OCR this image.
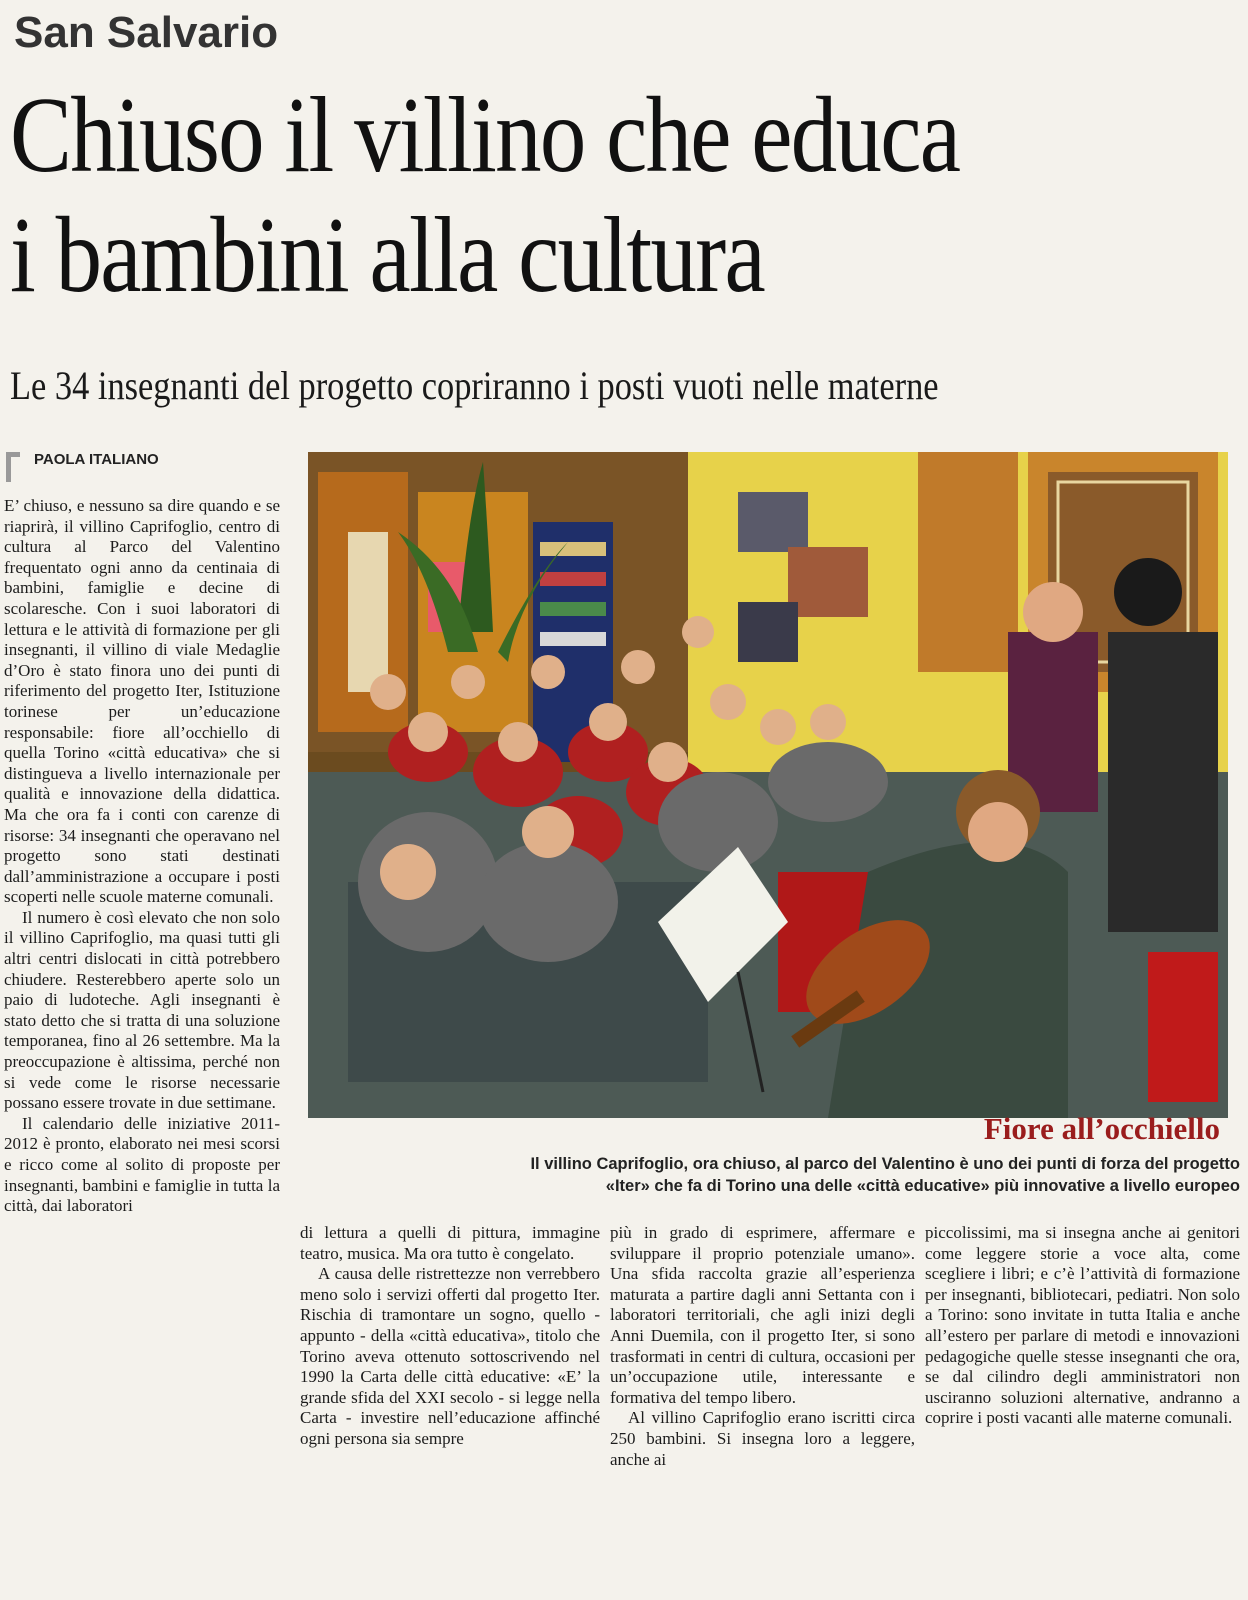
San Salvario
Chiuso il villino che educa
i bambini alla cultura
Le 34 insegnanti del progetto copriranno i posti vuoti nelle materne
PAOLA ITALIANO

E’ chiuso, e nessuno sa dire quando e se riaprirà, il villino Caprifoglio, centro di cultura al Parco del Valentino frequentato ogni anno da centinaia di bambini, famiglie e decine di scolaresche. Con i suoi laboratori di lettura e le attività di formazione per gli insegnanti, il villino di viale Medaglie d’Oro è stato finora uno dei punti di riferimento del progetto Iter, Istituzione torinese per un’educazione responsabile: fiore all’occhiello di quella Torino «città educativa» che si distingueva a livello internazionale per qualità e innovazione della didattica. Ma che ora fa i conti con carenze di risorse: 34 insegnanti che operavano nel progetto sono stati destinati dall’amministrazione a occupare i posti scoperti nelle scuole materne comunali.

Il numero è così elevato che non solo il villino Caprifoglio, ma quasi tutti gli altri centri dislocati in città potrebbero chiudere. Resterebbero aperte solo un paio di ludoteche. Agli insegnanti è stato detto che si tratta di una soluzione temporanea, fino al 26 settembre. Ma la preoccupazione è altissima, perché non si vede come le risorse necessarie possano essere trovate in due settimane.

Il calendario delle iniziative 2011-2012 è pronto, elaborato nei mesi scorsi e ricco come al solito di proposte per insegnanti, bambini e famiglie in tutta la città, dai laboratori

Fiore all’occhiello
Il villino Caprifoglio, ora chiuso, al parco del Valentino è uno dei punti di forza del progetto
«Iter» che fa di Torino una delle «città educative» più innovative a livello europeo

di lettura a quelli di pittura, immagine teatro, musica. Ma ora tutto è congelato.

A causa delle ristrettezze non verrebbero meno solo i servizi offerti dal progetto Iter. Rischia di tramontare un sogno, quello - appunto - della «città educativa», titolo che Torino aveva ottenuto sottoscrivendo nel 1990 la Carta delle città educative: «E’ la grande sfida del XXI secolo - si legge nella Carta - investire nell’educazione affinché ogni persona sia sempre

più in grado di esprimere, affermare e sviluppare il proprio potenziale umano». Una sfida raccolta grazie all’esperienza maturata a partire dagli anni Settanta con i laboratori territoriali, che agli inizi degli Anni Duemila, con il progetto Iter, si sono trasformati in centri di cultura, occasioni per un’occupazione utile, interessante e formativa del tempo libero.

Al villino Caprifoglio erano iscritti circa 250 bambini. Si insegna loro a leggere, anche ai

piccolissimi, ma si insegna anche ai genitori come leggere storie a voce alta, come scegliere i libri; e c’è l’attività di formazione per insegnanti, bibliotecari, pediatri. Non solo a Torino: sono invitate in tutta Italia e anche all’estero per parlare di metodi e innovazioni pedagogiche quelle stesse insegnanti che ora, se dal cilindro degli amministratori non usciranno soluzioni alternative, andranno a coprire i posti vacanti alle materne comunali.
